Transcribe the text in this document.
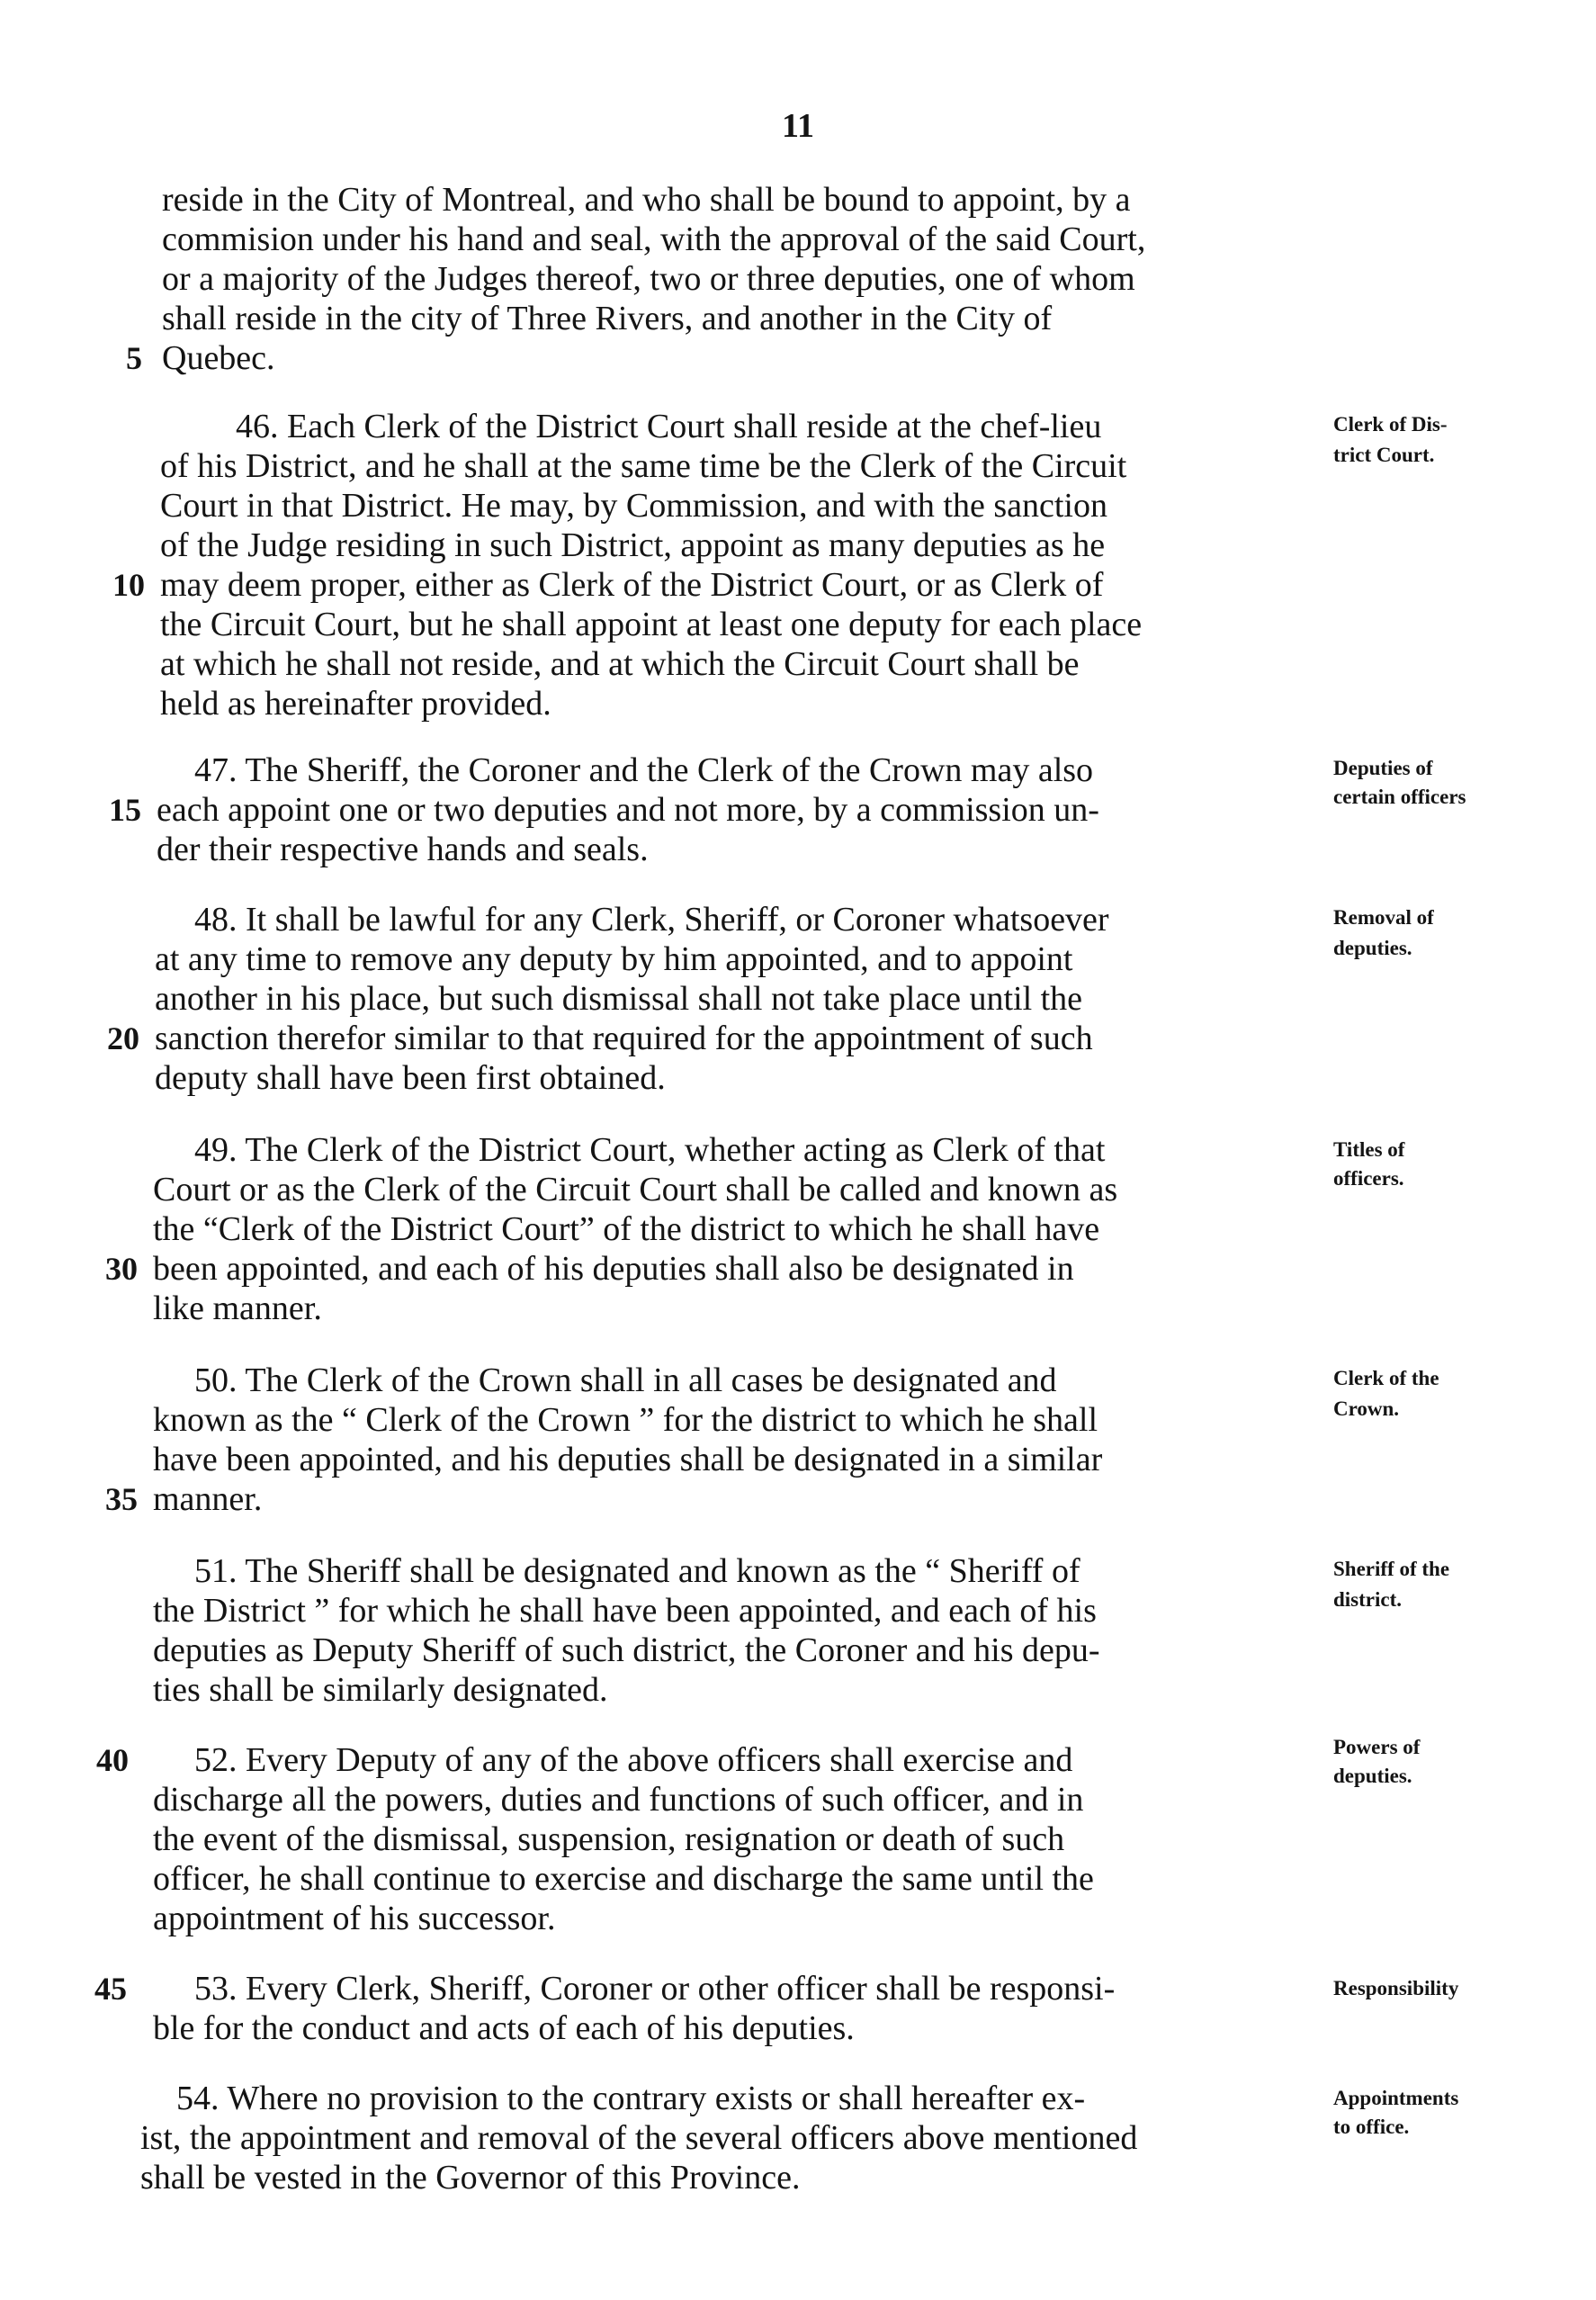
11
reside in the City of Montreal, and who shall be bound to appoint, by a
commision under his hand and seal, with the approval of the said Court,
or a majority of the Judges thereof, two or three deputies, one of whom
shall reside in the city of Three Rivers, and another in the City of
Quebec.
46. Each Clerk of the District Court shall reside at the chef-lieu
of his District, and he shall at the same time be the Clerk of the Circuit
Court in that District. He may, by Commission, and with the sanction
of the Judge residing in such District, appoint as many deputies as he
may deem proper, either as Clerk of the District Court, or as Clerk of
the Circuit Court, but he shall appoint at least one deputy for each place
at which he shall not reside, and at which the Circuit Court shall be
held as hereinafter provided.
47. The Sheriff, the Coroner and the Clerk of the Crown may also
each appoint one or two deputies and not more, by a commission un-
der their respective hands and seals.
48. It shall be lawful for any Clerk, Sheriff, or Coroner whatsoever
at any time to remove any deputy by him appointed, and to appoint
another in his place, but such dismissal shall not take place until the
sanction therefor similar to that required for the appointment of such
deputy shall have been first obtained.
49. The Clerk of the District Court, whether acting as Clerk of that
Court or as the Clerk of the Circuit Court shall be called and known as
the “Clerk of the District Court” of the district to which he shall have
been appointed, and each of his deputies shall also be designated in
like manner.
50. The Clerk of the Crown shall in all cases be designated and
known as the “ Clerk of the Crown ” for the district to which he shall
have been appointed, and his deputies shall be designated in a similar
manner.
51. The Sheriff shall be designated and known as the “ Sheriff of
the District ” for which he shall have been appointed, and each of his
deputies as Deputy Sheriff of such district, the Coroner and his depu-
ties shall be similarly designated.
52. Every Deputy of any of the above officers shall exercise and
discharge all the powers, duties and functions of such officer, and in
the event of the dismissal, suspension, resignation or death of such
officer, he shall continue to exercise and discharge the same until the
appointment of his successor.
53. Every Clerk, Sheriff, Coroner or other officer shall be responsi-
ble for the conduct and acts of each of his deputies.
54. Where no provision to the contrary exists or shall hereafter ex-
ist, the appointment and removal of the several officers above mentioned
shall be vested in the Governor of this Province.
5
10
15
20
30
35
40
45
Clerk of Dis-
trict Court.
Deputies of
certain officers
Removal of
deputies.
Titles of
officers.
Clerk of the
Crown.
Sheriff of the
district.
Powers of
deputies.
Responsibility
Appointments
to office.
